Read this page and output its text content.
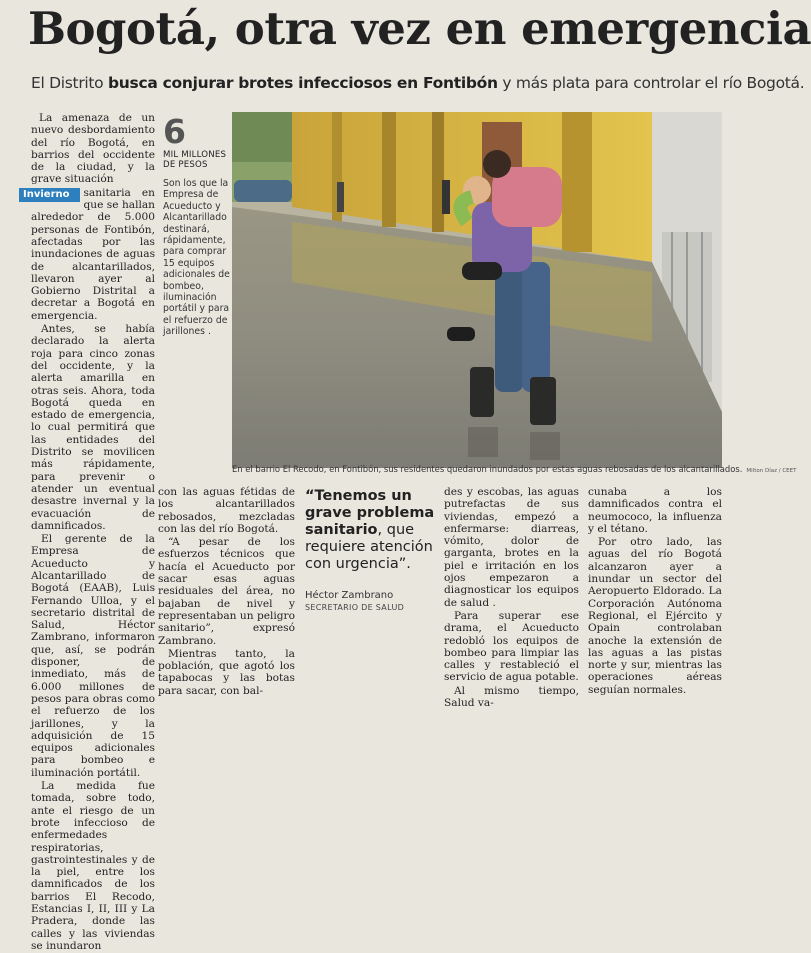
Bogotá, otra vez en emergencia
El Distrito busca conjurar brotes infecciosos en Fontibón y más plata para controlar el río Bogotá.

La amenaza de un nuevo desbordamiento del río Bogotá, en barrios del occidente de la ciudad, y la grave situación

Invierno	sanitaria en que se hallan alrededor de 5.000 personas de Fontibón, afectadas por las inundaciones de aguas de alcantarillados, llevaron ayer al Gobierno Distrital a decretar a Bogotá en emergencia.

Antes, se había declarado la alerta roja para cinco zonas del occidente, y la alerta amarilla en otras seis. Ahora, toda Bogotá queda en estado de emergencia, lo cual permitirá que las entidades del Distrito se movilicen más rápidamente, para prevenir o atender un eventual desastre invernal y la evacuación de damnificados.

El gerente de la Empresa de Acueducto y Alcantarillado de Bogotá (EAAB), Luis Fernando Ulloa, y el secretario distrital de Salud, Héctor Zambrano, informaron que, así, se podrán disponer, de inmediato, más de 6.000 millones de pesos para obras como el refuerzo de los jarillones, y la adquisición de 15 equipos adicionales para bombeo e iluminación portátil.

La medida fue tomada, sobre todo, ante el riesgo de un brote infeccioso de enfermedades respiratorias, gastrointestinales y de la piel, entre los damnificados de los barrios El Recodo, Estancias I, II, III y La Pradera, donde las calles y las viviendas se inundaron

6
MIL MILLONES DE PESOS
Son los que la Empresa de Acueducto y Alcantarillado destinará, rápidamente, para comprar 15 equipos adicionales de bombeo, iluminación portátil y para el refuerzo de jarillones .
En el barrio El Recodo, en Fontibón, sus residentes quedaron inundados por estas aguas rebosadas de los alcantarillados. Milton Díaz / CEET

con las aguas fétidas de los alcantarillados rebosados, mezcladas con las del río Bogotá.

“A pesar de los esfuerzos técnicos que hacía el Acueducto por sacar esas aguas residuales del área, no bajaban de nivel y representaban un peligro sanitario”, expresó Zambrano.

Mientras tanto, la población, que agotó los tapabocas y las botas para sacar, con bal-

“Tenemos un grave problema sanitario, que requiere atención con urgencia”.
Héctor Zambrano
SECRETARIO DE SALUD

des y escobas, las aguas putrefactas de sus viviendas, empezó a enfermarse: diarreas, vómito, dolor de garganta, brotes en la piel e irritación en los ojos empezaron a diagnosticar los equipos de salud .

Para superar ese drama, el Acueducto redobló los equipos de bombeo para limpiar las calles y restableció el servicio de agua potable.

Al mismo tiempo, Salud va-

cunaba a los damnificados contra el neumococo, la influenza y el tétano.

Por otro lado, las aguas del río Bogotá alcanzaron ayer a inundar un sector del Aeropuerto Eldorado. La Corporación Autónoma Regional, el Ejército y Opain controlaban anoche la extensión de las aguas a las pistas norte y sur, mientras las operaciones aéreas seguían normales.
